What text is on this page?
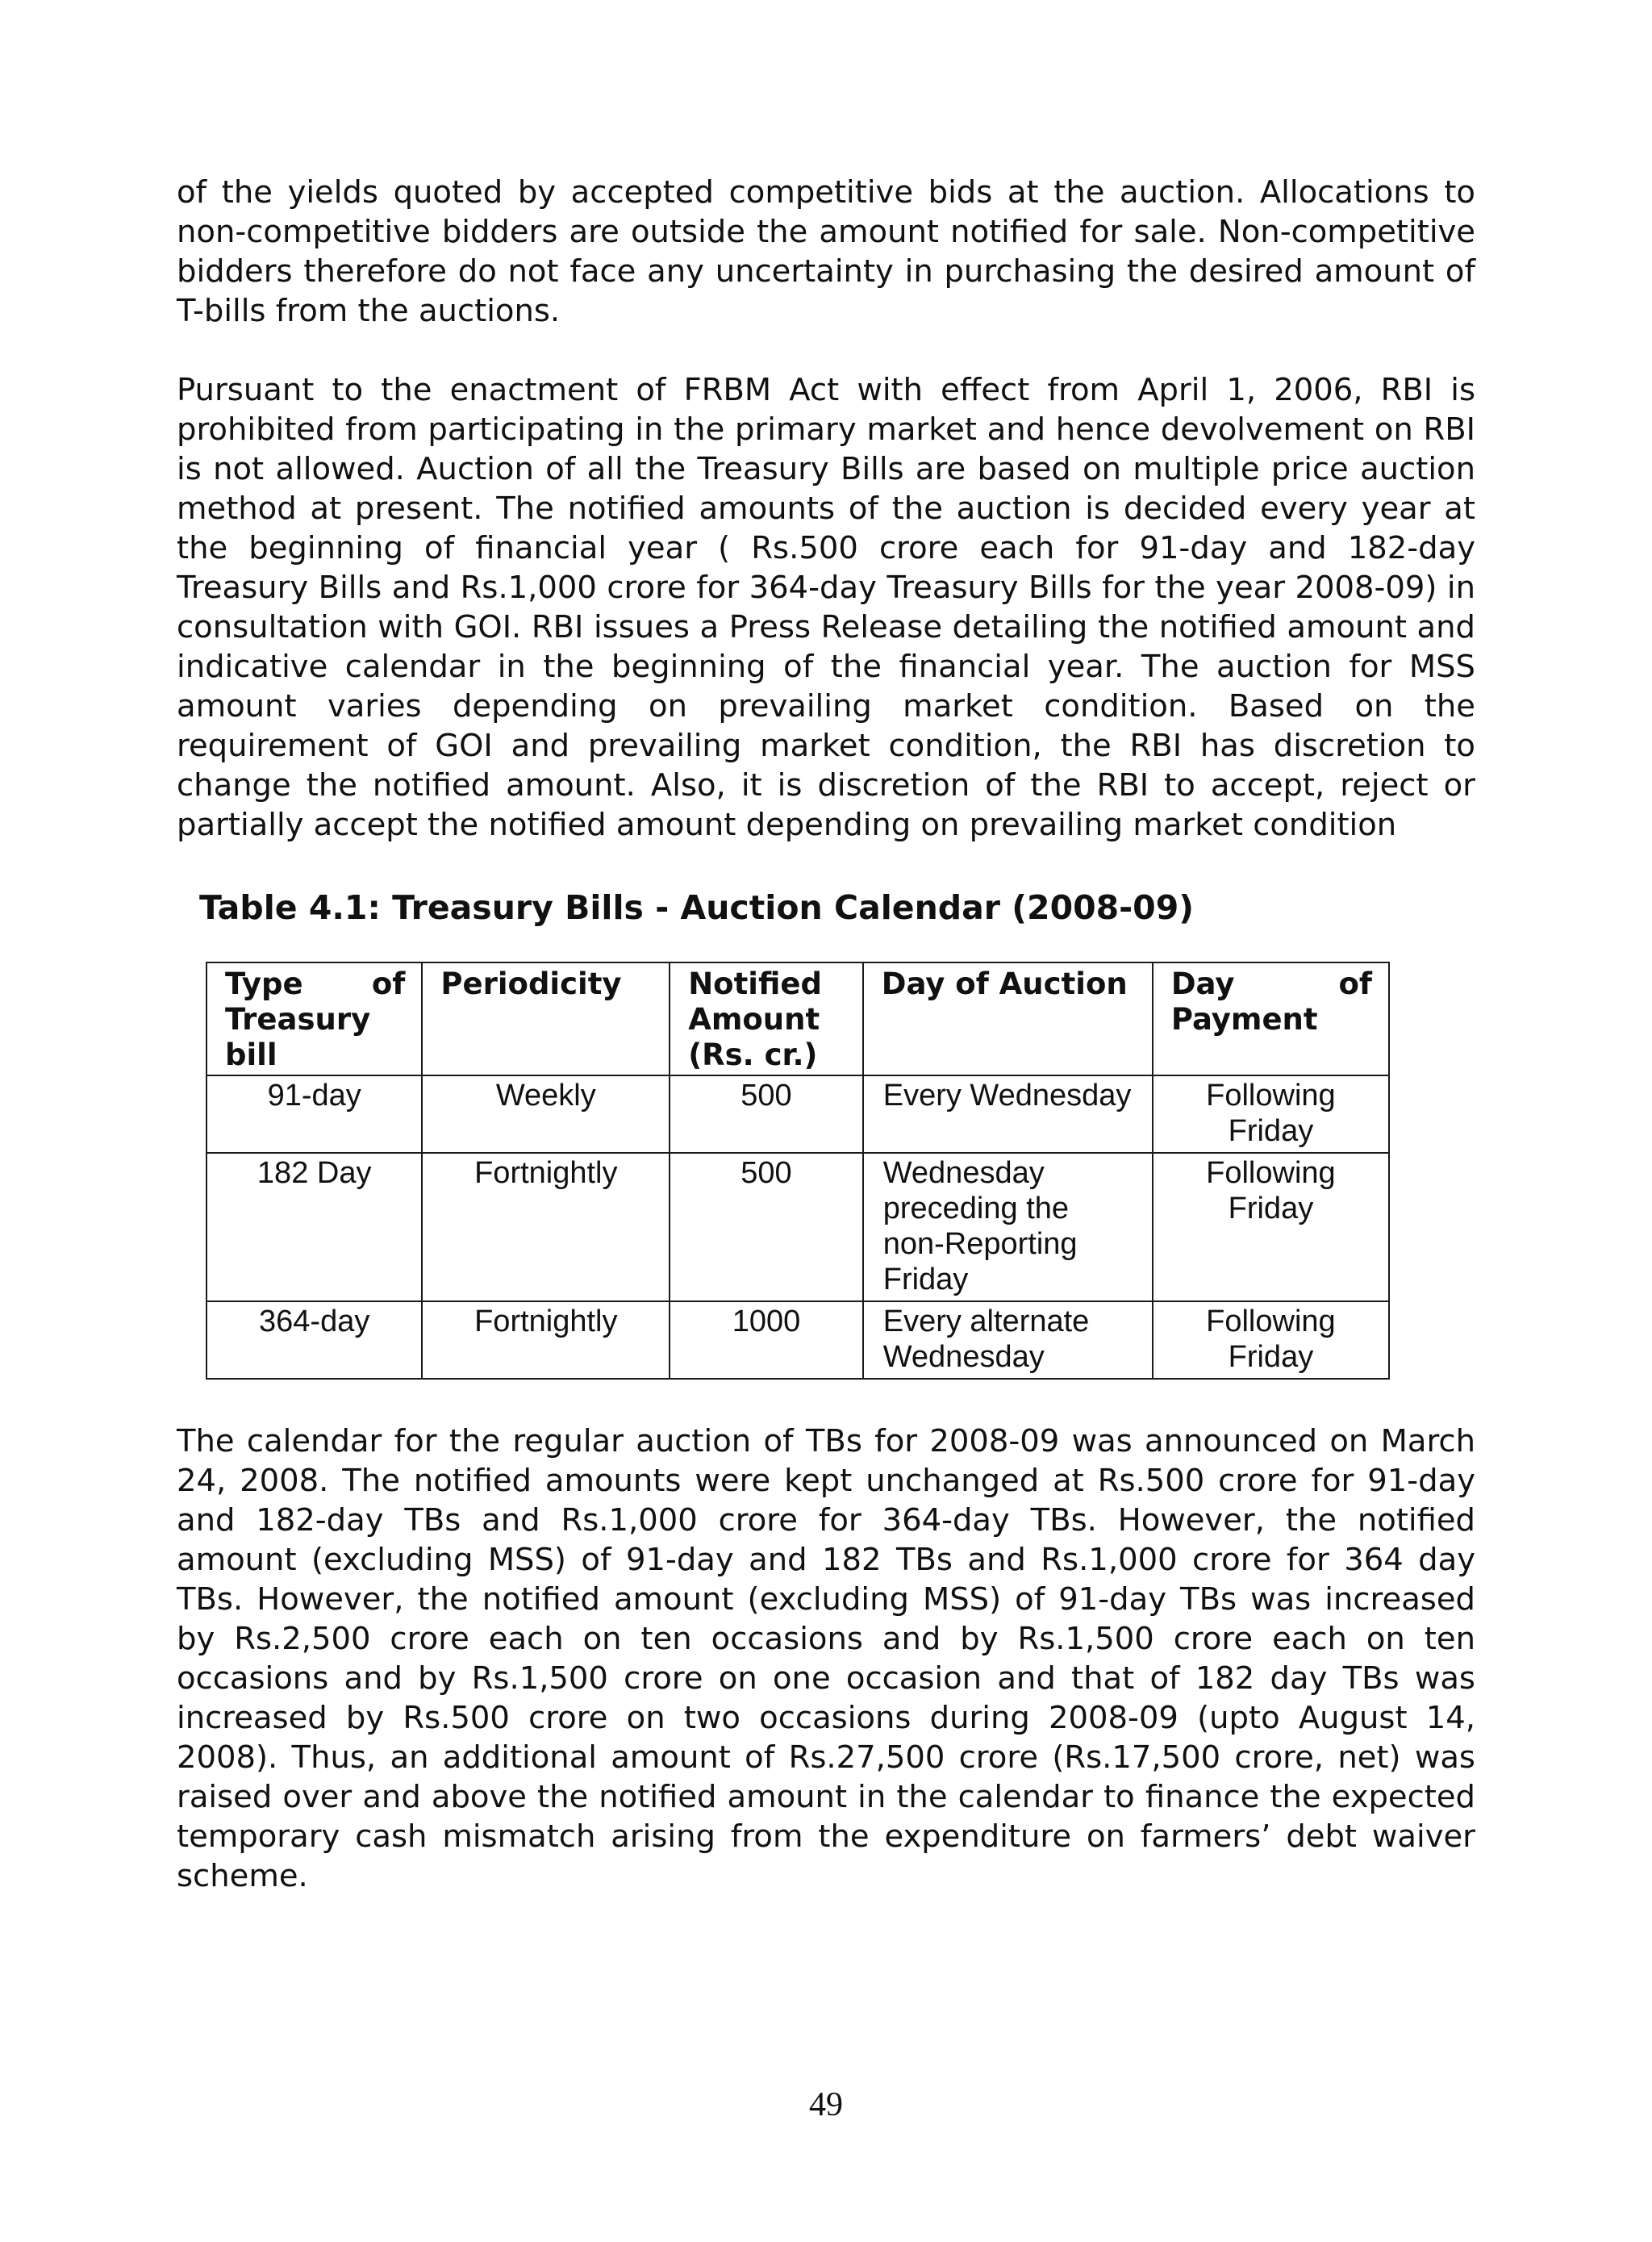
of the yields quoted by accepted competitive bids at the auction. Allocations to non-competitive bidders are outside the amount notified for sale. Non-competitive bidders therefore do not face any uncertainty in purchasing the desired amount of T-bills from the auctions.

Pursuant to the enactment of FRBM Act with effect from April 1, 2006, RBI is prohibited from participating in the primary market and hence devolvement on RBI is not allowed. Auction of all the Treasury Bills are based on multiple price auction method at present. The notified amounts of the auction is decided every year at the beginning of financial year ( Rs.500 crore each for 91-day and 182-day Treasury Bills and Rs.1,000 crore for 364-day Treasury Bills for the year 2008-09) in consultation with GOI. RBI issues a Press Release detailing the notified amount and indicative calendar in the beginning of the financial year. The auction for MSS amount varies depending on prevailing market condition. Based on the requirement of GOI and prevailing market condition, the RBI has discretion to change the notified amount. Also, it is discretion of the RBI to accept, reject or partially accept the notified amount depending on prevailing market condition

Table 4.1: Treasury Bills - Auction Calendar (2008-09)

Type of Treasury bill	Periodicity	Notified Amount (Rs. cr.)	Day of Auction	Day of Payment
91-day	Weekly	500	Every Wednesday	Following Friday
182 Day	Fortnightly	500	Wednesday preceding the non-Reporting Friday	Following Friday
364-day	Fortnightly	1000	Every alternate Wednesday	Following Friday

The calendar for the regular auction of TBs for 2008-09 was announced on March 24, 2008. The notified amounts were kept unchanged at Rs.500 crore for 91-day and 182-day TBs and Rs.1,000 crore for 364-day TBs. However, the notified amount (excluding MSS) of 91-day and 182 TBs and Rs.1,000 crore for 364 day TBs. However, the notified amount (excluding MSS) of 91-day TBs was increased by Rs.2,500 crore each on ten occasions and by Rs.1,500 crore each on ten occasions and by Rs.1,500 crore on one occasion and that of 182 day TBs was increased by Rs.500 crore on two occasions during 2008-09 (upto August 14, 2008). Thus, an additional amount of Rs.27,500 crore (Rs.17,500 crore, net) was raised over and above the notified amount in the calendar to finance the expected temporary cash mismatch arising from the expenditure on farmers’ debt waiver scheme.

49
